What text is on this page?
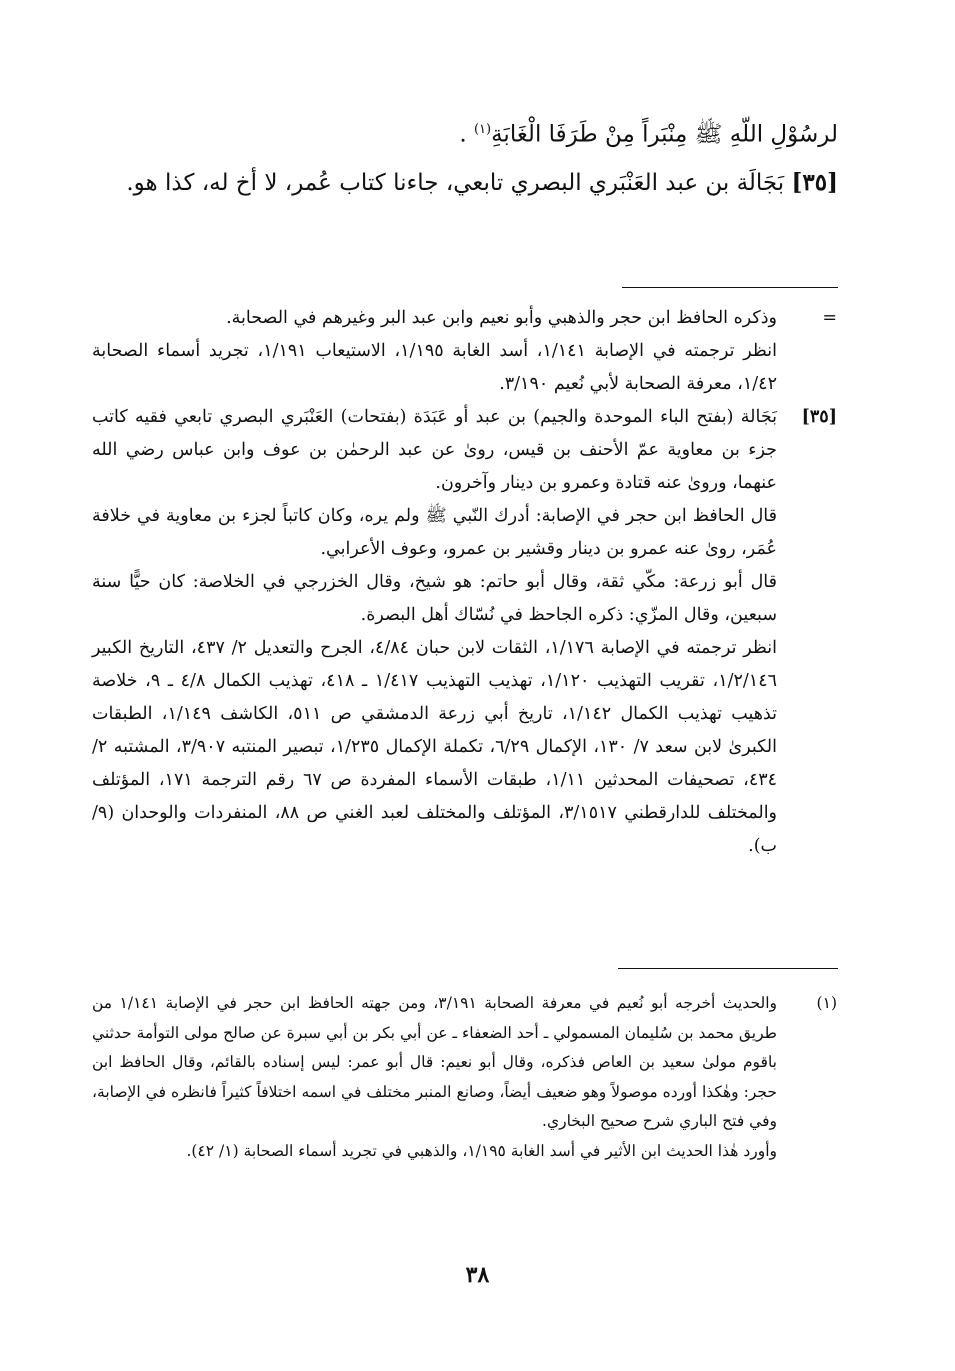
لرسُوْلِ اللّهِ ﷺ مِنْبَراً مِنْ طَرَفَا الْغَابَةِ$^{(١)}$ .

[٣٥] بَجَالَة بن عبد العَنْبَري البصري تابعي، جاءنا كتاب عُمر، لا أخ له، كذا هو.

=

وذكره الحافظ ابن حجر والذهبي وأبو نعيم وابن عبد البر وغيرهم في الصحابة.

انظر ترجمته في الإصابة ١/١٤١، أسد الغابة ١/١٩٥، الاستيعاب ١/١٩١، تجريد أسماء الصحابة ١/٤٢، معرفة الصحابة لأبي نُعيم ٣/١٩٠.

[٣٥]

بَجَالة (بفتح الباء الموحدة والجيم) بن عبد أو عَبَدَة (بفتحات) العَنْبَري البصري تابعي فقيه كاتب جزء بن معاوية عمّ الأحنف بن قيس، روىٰ عن عبد الرحمٰن بن عوف وابن عباس رضي الله عنهما، وروىٰ عنه قتادة وعمرو بن دينار وآخرون.

قال الحافظ ابن حجر في الإصابة: أدرك النّبي ﷺ ولم يره، وكان كاتباً لجزء بن معاوية في خلافة عُمَر، روىٰ عنه عمرو بن دينار وقشير بن عمرو، وعوف الأعرابي.

قال أبو زرعة: مكّي ثقة، وقال أبو حاتم: هو شيخ، وقال الخزرجي في الخلاصة: كان حيًّا سنة سبعين، وقال المزّي: ذكره الجاحظ في نُسّاك أهل البصرة.

انظر ترجمته في الإصابة ١/١٧٦، الثقات لابن حبان ٤/٨٤، الجرح والتعديل ٢/ ٤٣٧، التاريخ الكبير ١/٢/١٤٦، تقريب التهذيب ١/١٢٠، تهذيب التهذيب ١/٤١٧ ـ ٤١٨، تهذيب الكمال ٤/٨ ـ ٩، خلاصة تذهيب تهذيب الكمال ١/١٤٢، تاريخ أبي زرعة الدمشقي ص ٥١١، الكاشف ١/١٤٩، الطبقات الكبرىٰ لابن سعد ٧/ ١٣٠، الإكمال ٦/٢٩، تكملة الإكمال ١/٢٣٥، تبصير المنتبه ٣/٩٠٧، المشتبه ٢/ ٤٣٤، تصحيفات المحدثين ١/١١، طبقات الأسماء المفردة ص ٦٧ رقم الترجمة ١٧١، المؤتلف والمختلف للدارقطني ٣/١٥١٧، المؤتلف والمختلف لعبد الغني ص ٨٨، المنفردات والوحدان (٩/ب).

(١)

والحديث أخرجه أبو نُعيم في معرفة الصحابة ٣/١٩١، ومن جهته الحافظ ابن حجر في الإصابة ١/١٤١ من طريق محمد بن سُليمان المسمولي ـ أحد الضعفاء ـ عن أبي بكر بن أبي سبرة عن صالح مولى التوأمة حدثني باقوم مولىٰ سعيد بن العاص فذكره، وقال أبو نعيم: قال أبو عمر: ليس إسناده بالقائم، وقال الحافظ ابن حجر: وهٰكذا أورده موصولاً وهو ضعيف أيضاً، وصانع المنبر مختلف في اسمه اختلافاً كثيراً فانظره في الإصابة، وفي فتح الباري شرح صحيح البخاري.

وأورد هٰذا الحديث ابن الأثير في أسد الغابة ١/١٩٥، والذهبي في تجريد أسماء الصحابة (١/ ٤٢).

٣٨
